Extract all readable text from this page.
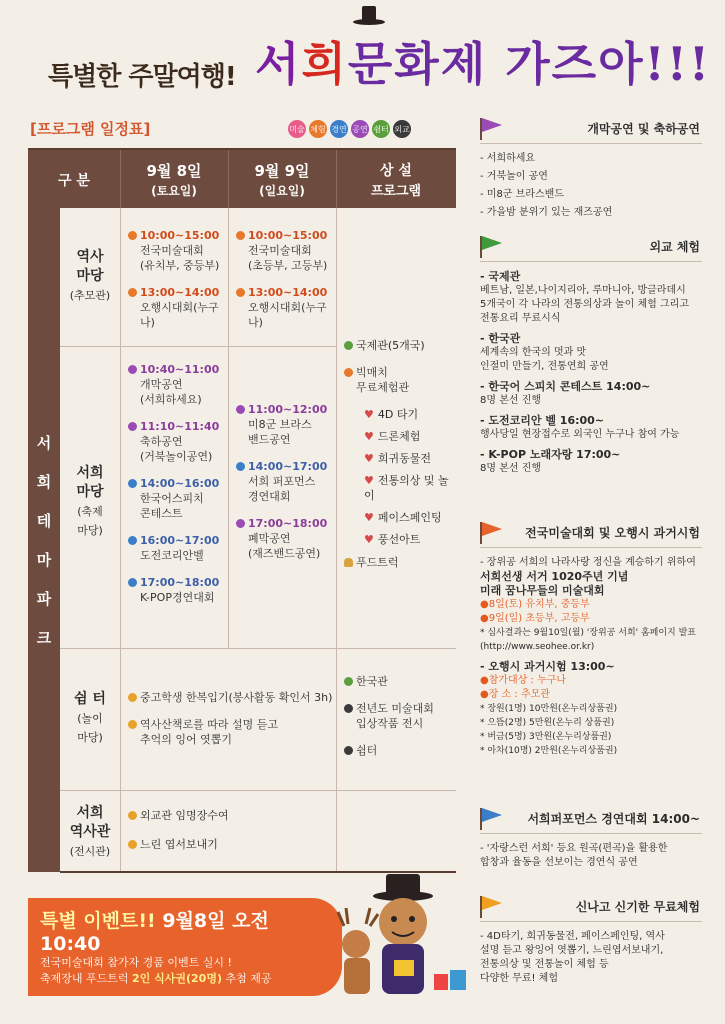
특별한 주말여행! 서희문화제 가즈아!!!
[프로그램 일정표]	미술 체험 경연 공연 쉼터 외교
구 분
9월 8일
(토요일)
9월 9일
(일요일)
상 설
프로그램
서
희
테
마
파
크
역사
마당
(추모관)
서희
마당
(축제
마당)
쉼 터
(놀이
마당)
서희
역사관
(전시관)
10:00~15:00
전국미술대회
(유치부, 중등부)
13:00~14:00
오행시대회(누구나)
10:00~15:00
전국미술대회
(초등부, 고등부)
13:00~14:00
오행시대회(누구나)
10:40~11:00
개막공연
(서희하세요)
11:10~11:40
축하공연
(거북놀이공연)
14:00~16:00
한국어스피치
콘테스트
16:00~17:00
도전코리안벨
17:00~18:00
K-POP경연대회
11:00~12:00
미8군 브라스
밴드공연
14:00~17:00
서희 퍼포먼스
경연대회
17:00~18:00
폐막공연
(재즈밴드공연)
국제관(5개국)
빅매치
무료체험관
♥ 4D 타기
♥ 드론체험
♥ 희귀동물전
♥ 전통의상 및 놀이
♥ 페이스페인팅
♥ 풍선아트
푸드트럭
중고학생 한복입기(봉사활동 확인서 3h)
역사산책로를 따라 설명 듣고
추억의 잉어 엿뽑기
한국관
전년도 미술대회
입상작품 전시
쉼터
외교관 임명장수여
느린 엽서보내기
특별 이벤트!! 9월8일 오전 10:40
전국미술대회 참가자 경품 이벤트 실시 !
축제장내 푸드트럭 2인 식사권(20명) 추첨 제공
개막공연 및 축하공연
- 서희하세요
- 거북놀이 공연
- 미8군 브라스밴드
- 가을밤 분위기 있는 재즈공연
외교 체험
- 국제관
베트남, 일본,나이지리아, 루마니아, 방글라데시
5개국이 각 나라의 전통의상과 놀이 체험 그리고
전통요리 무료시식
- 한국관
세계속의 한국의 멋과 맛
인절미 만들기, 전통연희 공연
- 한국어 스피치 콘테스트 14:00~
8명 본선 진행
- 도전코리안 벨 16:00~
행사당일 현장접수로 외국인 누구나 참여 가능
- K-POP 노래자랑 17:00~
8명 본선 진행
전국미술대회 및 오행시 과거시험
- 장위공 서희의 나라사랑 정신을 계승하기 위하여
서희선생 서거 1020주년 기념
미래 꿈나무들의 미술대회
●8일(토) 유치부, 중등부
●9일(일) 초등부, 고등부
* 심사결과는 9월10일(월) '장위공 서희' 홈페이지 발표
(http://www.seohee.or.kr)
- 오행시 과거시험 13:00~
●참가대상 : 누구나
●장 소 : 추모관
* 장원(1명) 10만원(온누리상품권)
* 으뜸(2명) 5만원(온누리 상품권)
* 버금(5명) 3만원(온누리상품권)
* 아차(10명) 2만원(온누리상품권)
서희퍼포먼스 경연대회 14:00~
- '자랑스런 서희' 등요 원곡(편곡)을 활용한
합창과 율동을 선보이는 경연식 공연
신나고 신기한 무료체험
- 4D타기, 희귀동물전, 페이스페인팅, 역사
설명 듣고 왕잉어 엿뽑기, 느린엽서보내기,
전통의상 및 전통놀이 체험 등
다양한 무료! 체험
